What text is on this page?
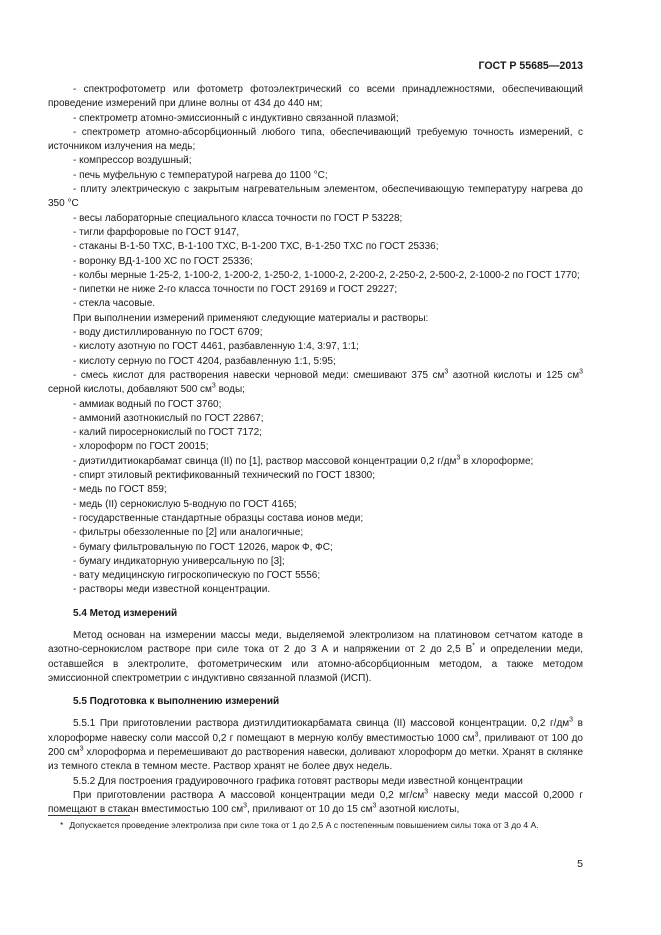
ГОСТ Р 55685—2013

- спектрофотометр или фотометр фотоэлектрический со всеми принадлежностями, обеспечивающий проведение измерений при длине волны от 434 до 440 нм;

- спектрометр атомно-эмиссионный с индуктивно связанной плазмой;

- спектрометр атомно-абсорбционный любого типа, обеспечивающий требуемую точность измерений, с источником излучения на медь;

- компрессор воздушный;

- печь муфельную с температурой нагрева до 1100 °С;

- плиту электрическую с закрытым нагревательным элементом, обеспечивающую температуру нагрева до 350 °С

- весы лабораторные специального класса точности по ГОСТ Р 53228;

- тигли фарфоровые по ГОСТ 9147,

- стаканы В-1-50 ТХС, В-1-100 ТХС, В-1-200 ТХС, В-1-250 ТХС по ГОСТ 25336;

- воронку ВД-1-100 ХС по ГОСТ 25336;

- колбы мерные 1-25-2, 1-100-2, 1-200-2, 1-250-2, 1-1000-2, 2-200-2, 2-250-2, 2-500-2, 2-1000-2 по ГОСТ 1770;

- пипетки не ниже 2-го класса точности по ГОСТ 29169 и ГОСТ 29227;

- стекла часовые.

При выполнении измерений применяют следующие материалы и растворы:

- воду дистиллированную по ГОСТ 6709;

- кислоту азотную по ГОСТ 4461, разбавленную 1:4, 3:97, 1:1;

- кислоту серную по ГОСТ 4204, разбавленную 1:1, 5:95;

- смесь кислот для растворения навески черновой меди: смешивают 375 $см^3$ азотной кислоты и 125 $см^3$ серной кислоты, добавляют 500 $см^3$ воды;

- аммиак водный по ГОСТ 3760;

- аммоний азотнокислый по ГОСТ 22867;

- калий пиросернокислый по ГОСТ 7172;

- хлороформ по ГОСТ 20015;

- диэтилдитиокарбамат свинца (II) по [1], раствор массовой концентрации 0,2 $г/дм^3$ в хлороформе;

- спирт этиловый ректификованный технический по ГОСТ 18300;

- медь по ГОСТ 859;

- медь (II) сернокислую 5-водную по ГОСТ 4165;

- государственные стандартные образцы состава ионов меди;

- фильтры обеззоленные по [2] или аналогичные;

- бумагу фильтровальную по ГОСТ 12026, марок Ф, ФС;

- бумагу индикаторную универсальную по [3];

- вату медицинскую гигроскопическую по ГОСТ 5556;

- растворы меди известной концентрации.

5.4 Метод измерений

Метод основан на измерении массы меди, выделяемой электролизом на платиновом сетчатом катоде в азотно-сернокислом растворе при силе тока от 2 до 3 А и напряжении от 2 до 2,5 В* и определении меди, оставшейся в электролите, фотометрическим или атомно-абсорбционным методом, а также методом эмиссионной спектрометрии с индуктивно связанной плазмой (ИСП).

5.5 Подготовка к выполнению измерений

5.5.1 При приготовлении раствора диэтилдитиокарбамата свинца (II) массовой концентрации. 0,2 $г/дм^3$ в хлороформе навеску соли массой 0,2 г помещают в мерную колбу вместимостью 1000 $см^3$, приливают от 100 до 200 $см^3$ хлороформа и перемешивают до растворения навески, доливают хлороформ до метки. Хранят в склянке из темного стекла в темном месте. Раствор хранят не более двух недель.

5.5.2 Для построения градуировочного графика готовят растворы меди известной концентрации

При приготовлении раствора А массовой концентрации меди 0,2 $мг/см^3$ навеску меди массой 0,2000 г помещают в стакан вместимостью 100 $см^3$, приливают от 10 до 15 $см^3$ азотной кислоты,

* Допускается проведение электролиза при силе тока от 1 до 2,5 А с постепенным повышением силы тока от 3 до 4 А.
5
